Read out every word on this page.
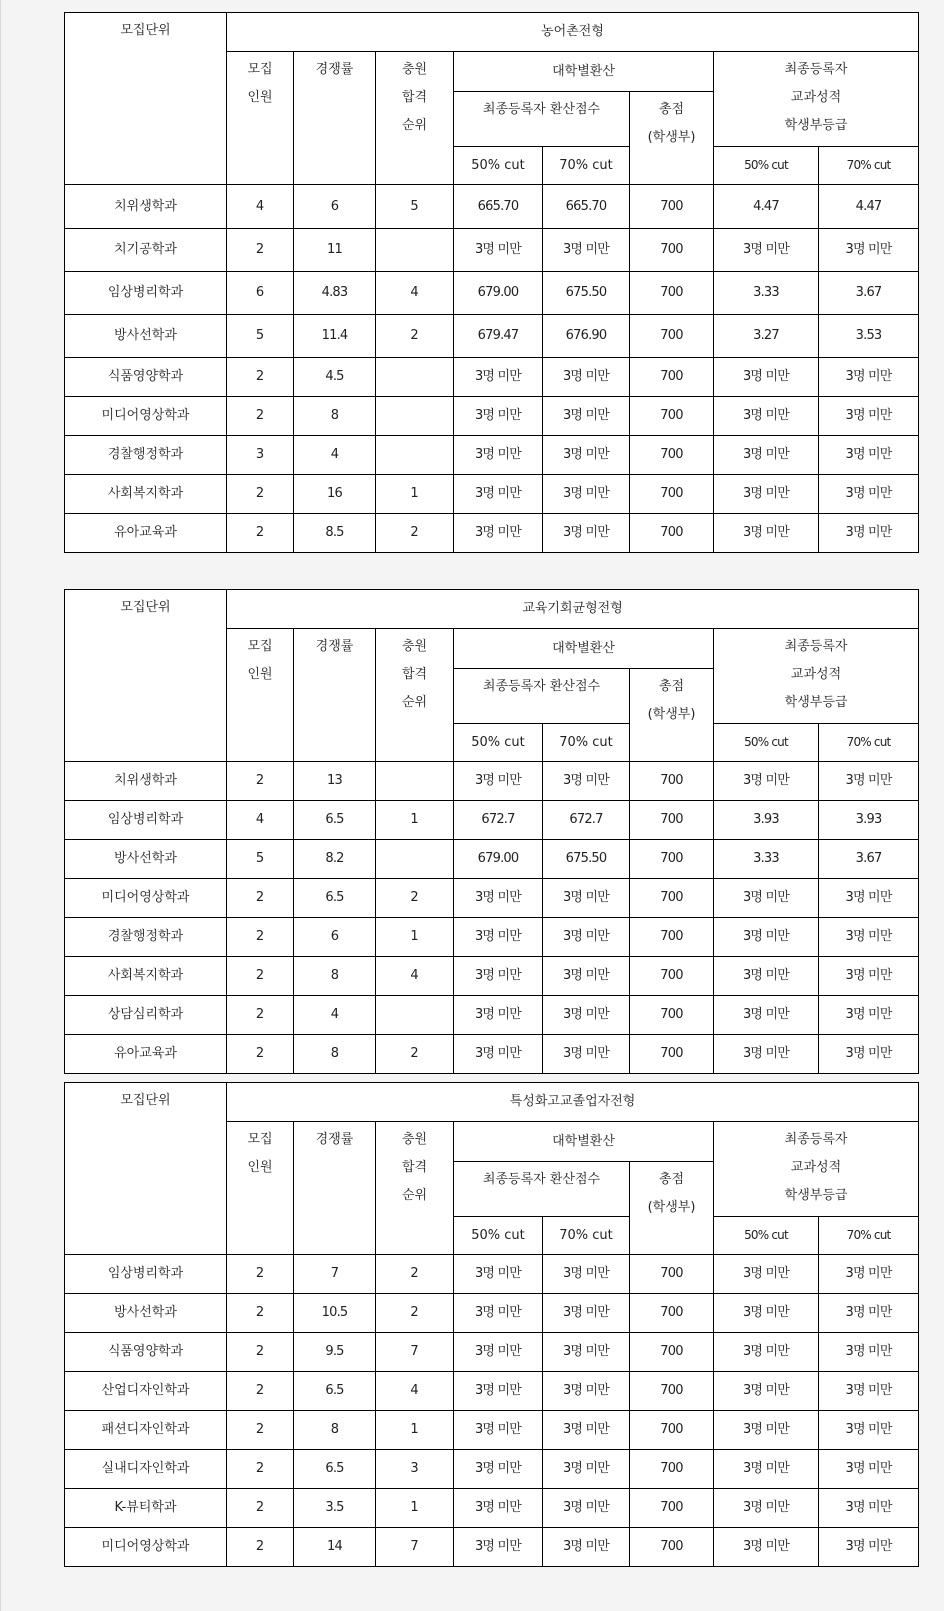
모집단위	농어촌전형							

	모집
인원	경쟁률	충원
합격
순위	대학별환산			최종등록자
교과성적
학생부등급	

				최종등록자 환산점수		총점
(학생부)		

				50% cut	70% cut		50% cut	70% cut
치위생학과	4	6	5	665.70	665.70	700	4.47	4.47
치기공학과	2	11		3명 미만	3명 미만	700	3명 미만	3명 미만
임상병리학과	6	4.83	4	679.00	675.50	700	3.33	3.67
방사선학과	5	11.4	2	679.47	676.90	700	3.27	3.53
식품영양학과	2	4.5		3명 미만	3명 미만	700	3명 미만	3명 미만
미디어영상학과	2	8		3명 미만	3명 미만	700	3명 미만	3명 미만
경찰행정학과	3	4		3명 미만	3명 미만	700	3명 미만	3명 미만
사회복지학과	2	16	1	3명 미만	3명 미만	700	3명 미만	3명 미만
유아교육과	2	8.5	2	3명 미만	3명 미만	700	3명 미만	3명 미만
모집단위	교육기회균형전형							

	모집
인원	경쟁률	충원
합격
순위	대학별환산			최종등록자
교과성적
학생부등급	

				최종등록자 환산점수		총점
(학생부)		

				50% cut	70% cut		50% cut	70% cut
치위생학과	2	13		3명 미만	3명 미만	700	3명 미만	3명 미만
임상병리학과	4	6.5	1	672.7	672.7	700	3.93	3.93
방사선학과	5	8.2		679.00	675.50	700	3.33	3.67
미디어영상학과	2	6.5	2	3명 미만	3명 미만	700	3명 미만	3명 미만
경찰행정학과	2	6	1	3명 미만	3명 미만	700	3명 미만	3명 미만
사회복지학과	2	8	4	3명 미만	3명 미만	700	3명 미만	3명 미만
상담심리학과	2	4		3명 미만	3명 미만	700	3명 미만	3명 미만
유아교육과	2	8	2	3명 미만	3명 미만	700	3명 미만	3명 미만
모집단위	특성화고교졸업자전형							

	모집
인원	경쟁률	충원
합격
순위	대학별환산			최종등록자
교과성적
학생부등급	

				최종등록자 환산점수		총점
(학생부)		

				50% cut	70% cut		50% cut	70% cut
임상병리학과	2	7	2	3명 미만	3명 미만	700	3명 미만	3명 미만
방사선학과	2	10.5	2	3명 미만	3명 미만	700	3명 미만	3명 미만
식품영양학과	2	9.5	7	3명 미만	3명 미만	700	3명 미만	3명 미만
산업디자인학과	2	6.5	4	3명 미만	3명 미만	700	3명 미만	3명 미만
패션디자인학과	2	8	1	3명 미만	3명 미만	700	3명 미만	3명 미만
실내디자인학과	2	6.5	3	3명 미만	3명 미만	700	3명 미만	3명 미만
K-뷰티학과	2	3.5	1	3명 미만	3명 미만	700	3명 미만	3명 미만
미디어영상학과	2	14	7	3명 미만	3명 미만	700	3명 미만	3명 미만
